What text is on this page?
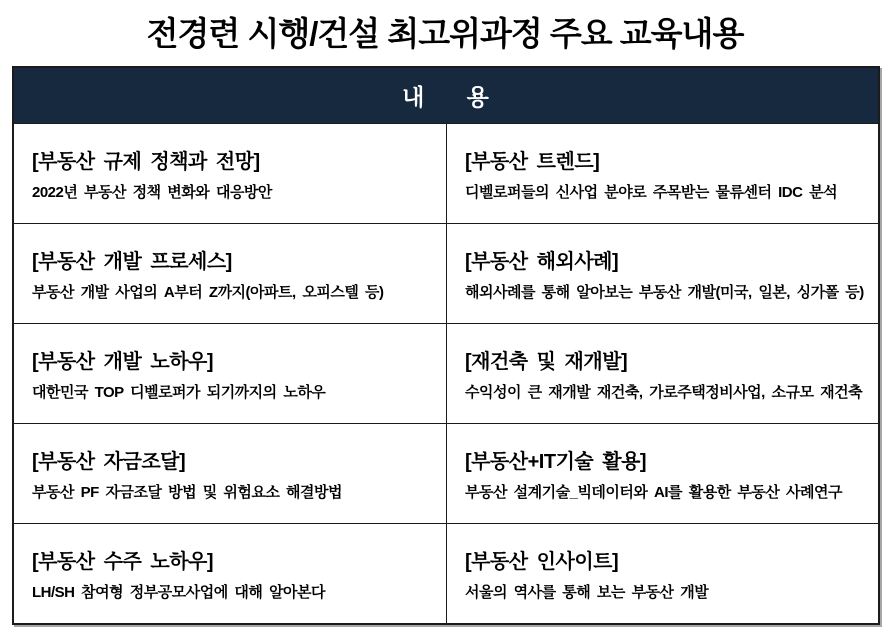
전경련 시행/건설 최고위과정 주요 교육내용
내 용
[부동산 규제 정책과 전망]
2022년 부동산 정책 변화와 대응방안
[부동산 트렌드]
디벨로퍼들의 신사업 분야로 주목받는 물류센터 IDC 분석
[부동산 개발 프로세스]
부동산 개발 사업의 A부터 Z까지(아파트, 오피스텔 등)
[부동산 해외사례]
해외사례를 통해 알아보는 부동산 개발(미국, 일본, 싱가폴 등)
[부동산 개발 노하우]
대한민국 TOP 디벨로퍼가 되기까지의 노하우
[재건축 및 재개발]
수익성이 큰 재개발 재건축, 가로주택정비사업, 소규모 재건축
[부동산 자금조달]
부동산 PF 자금조달 방법 및 위험요소 해결방법
[부동산+IT기술 활용]
부동산 설계기술_빅데이터와 AI를 활용한 부동산 사례연구
[부동산 수주 노하우]
LH/SH 참여형 정부공모사업에 대해 알아본다
[부동산 인사이트]
서울의 역사를 통해 보는 부동산 개발
